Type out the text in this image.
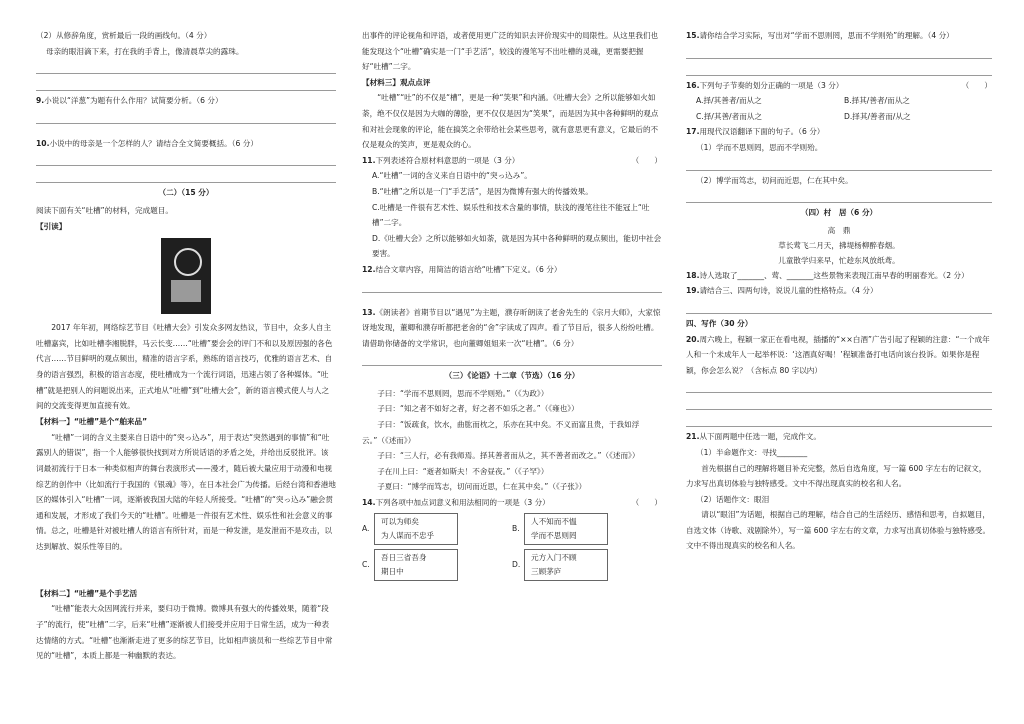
（2）从修辞角度，赏析最后一段的画线句。（4 分）

母亲的眼泪滴下来，打在我的手背上，像清晨草尖的露珠。

9.小说以“洋葱”为题有什么作用？试简要分析。（6 分）

10.小说中的母亲是一个怎样的人？请结合全文简要概括。（6 分）

（二）（15 分）

阅读下面有关“吐槽”的材料，完成题目。

【引读】

2017 年年初，网络综艺节目《吐槽大会》引发众多网友热议，节目中，众多人自主吐槽嘉宾，比如吐槽李湘脱胖，马云长变……“吐槽”要会会的评门不和以及原因强的各色代言……节目鲜明的观点频出，精准的语言字系，熟练的语言技巧，优雅的语言艺术、自身的语言强烈，积极的语言态度，使吐槽成为一个流行词语，迅速占领了各种媒体。“吐槽”就是把别人的问题说出来，正式地从“吐槽”到“吐槽大会”，新的语言模式使人与人之间的交流变得更加直接有效。

【材料一】“吐槽”是个“舶来品”

“吐槽”一词的含义主要来自日语中的“突っ込み”，用于表达“突然遇到的事情”和“吐露别人的错误”，指一个人能够很快找到对方所说话语的矛盾之处，并给出反驳批评。该词最初流行于日本一种类似相声的舞台表演形式——漫才，随后被大量应用于动漫和电视综艺的创作中（比如流行于我国的《银魂》等），在日本社会广为传播。后经台湾和香港地区的媒体引入“吐槽”一词，逐渐被我国大陆的年轻人所接受。“吐槽”的“突っ込み”融会贯通和发展，才形成了我们今天的“吐槽”。吐槽是一件很有艺术性、娱乐性和社会意义的事情。总之，吐槽是针对被吐槽人的语言有所针对，而是一种发泄，是发泄而不是攻击，以达到解放、娱乐性等目的。

【材料二】“吐槽”是个手艺活

“吐槽”能表大众因网流行并来，要归功于微博。微博具有强大的传播效果，随着“段子”的流行，使“吐槽”二字，后来“吐槽”逐渐被人们接受并应用于日常生活，成为一种表达情绪的方式。“吐槽”也渐渐走进了更多的综艺节目，比如相声演员和一些综艺节目中常见的“吐槽”，本质上都是一种幽默的表达。

出事件的评论视角和评语，或者使用更广泛的知识去评价现实中的局限性。从这里我们也能发现这个“吐槽”确实是一门“手艺活”，较浅的漫笔写不出吐槽的灵魂，更需要把握好“吐槽”二字。

【材料三】观点点评

“吐槽”“吐”的不仅是“槽”，更是一种“笑果”和内涵。《吐槽大会》之所以能够如火如荼，绝不仅仅是因为大咖的薄脸，更不仅仅是因为“笑果”，而是因为其中各种鲜明的观点和对社会现象的评论，能在搞笑之余带给社会某些思考，就有意思更有意义，它最后的不仅是观众的笑声，更是观众的心。

11.下列表述符合原材料意思的一项是（3 分）	（　　）

A.“吐槽”一词的含义来自日语中的“突っ込み”。

B.“吐槽”之所以是一门“手艺活”，是因为微博有强大的传播效果。

C.吐槽是一件很有艺术性、娱乐性和技术含量的事情，肤浅的漫笔往往不能冠上“吐槽”二字。

D.《吐槽大会》之所以能够如火如荼，就是因为其中各种鲜明的观点频出，能切中社会要害。

12.结合文章内容，用简洁的语言给“吐槽”下定义。（6 分）

13.《朗读者》首期节目以“遇见”为主题，濮存昕朗读了老舍先生的《宗月大师》，大家惊讶地发现，董卿和濮存昕都把老舍的“舍”字读成了四声。看了节目后，很多人纷纷吐槽。请借助你储备的文学常识，也向董卿姐姐来一次“吐槽”。（6 分）

（三）《论语》十二章（节选）（16 分）

子曰：“学而不思则罔，思而不学则殆。”（《为政》）

子曰：“知之者不如好之者，好之者不如乐之者。”（《雍也》）

子曰：“饭疏食，饮水，曲肱而枕之，乐亦在其中矣。不义而富且贵，于我如浮云。”（《述而》）

子曰：“三人行，必有我师焉。择其善者而从之，其不善者而改之。”（《述而》）

子在川上曰：“逝者如斯夫！不舍昼夜。”（《子罕》）

子夏曰：“博学而笃志，切问而近思，仁在其中矣。”（《子张》）

14.下列各项中加点词意义和用法相同的一项是（3 分）	（　　）

A.
可以为师矣
为人谋而不忠乎
B.
人不知而不愠
学而不思则罔
C.
吾日三省吾身
期日中
D.
元方入门不顾
三顾茅庐

15.请你结合学习实际，写出对“学而不思则罔，思而不学则殆”的理解。（4 分）

16.下列句子节奏的划分正确的一项是（3 分）	（　　）

A.择/其善者/而从之	B.择其/善者/而从之
C.择/其善/者而从之	D.择其/善者而/从之

17.用现代汉语翻译下面的句子。（6 分）

（1）学而不思则罔，思而不学则殆。

（2）博学而笃志，切问而近思，仁在其中矣。

（四）村　居（6 分）

高　鼎

草长莺飞二月天，拂堤杨柳醉春烟。

儿童散学归来早，忙趁东风放纸鸢。

18.诗人选取了_______、莺、_______这些景物来表现江南早春的明丽春光。（2 分）

19.请结合三、四两句诗，说说儿童的性格特点。（4 分）

四、写作（30 分）

20.周六晚上，程颖一家正在看电视，插播的“××白酒”广告引起了程颖的注意：“一个成年人和一个未成年人一起举杯说：‘这酒真好喝！’程颖准备打电话向该台投诉。如果你是程颖，你会怎么说？（含标点 80 字以内）

21.从下面两题中任选一题，完成作文。

（1）半命题作文：寻找________

首先根据自己的理解将题目补充完整，然后自选角度，写一篇 600 字左右的记叙文，力求写出真切体验与独特感受。文中不得出现真实的校名和人名。

（2）话题作文：眼泪

请以“眼泪”为话题，根据自己的理解，结合自己的生活经历、感悟和思考，自拟题目，自选文体（诗歌、戏剧除外），写一篇 600 字左右的文章，力求写出真切体验与独特感受。文中不得出现真实的校名和人名。
